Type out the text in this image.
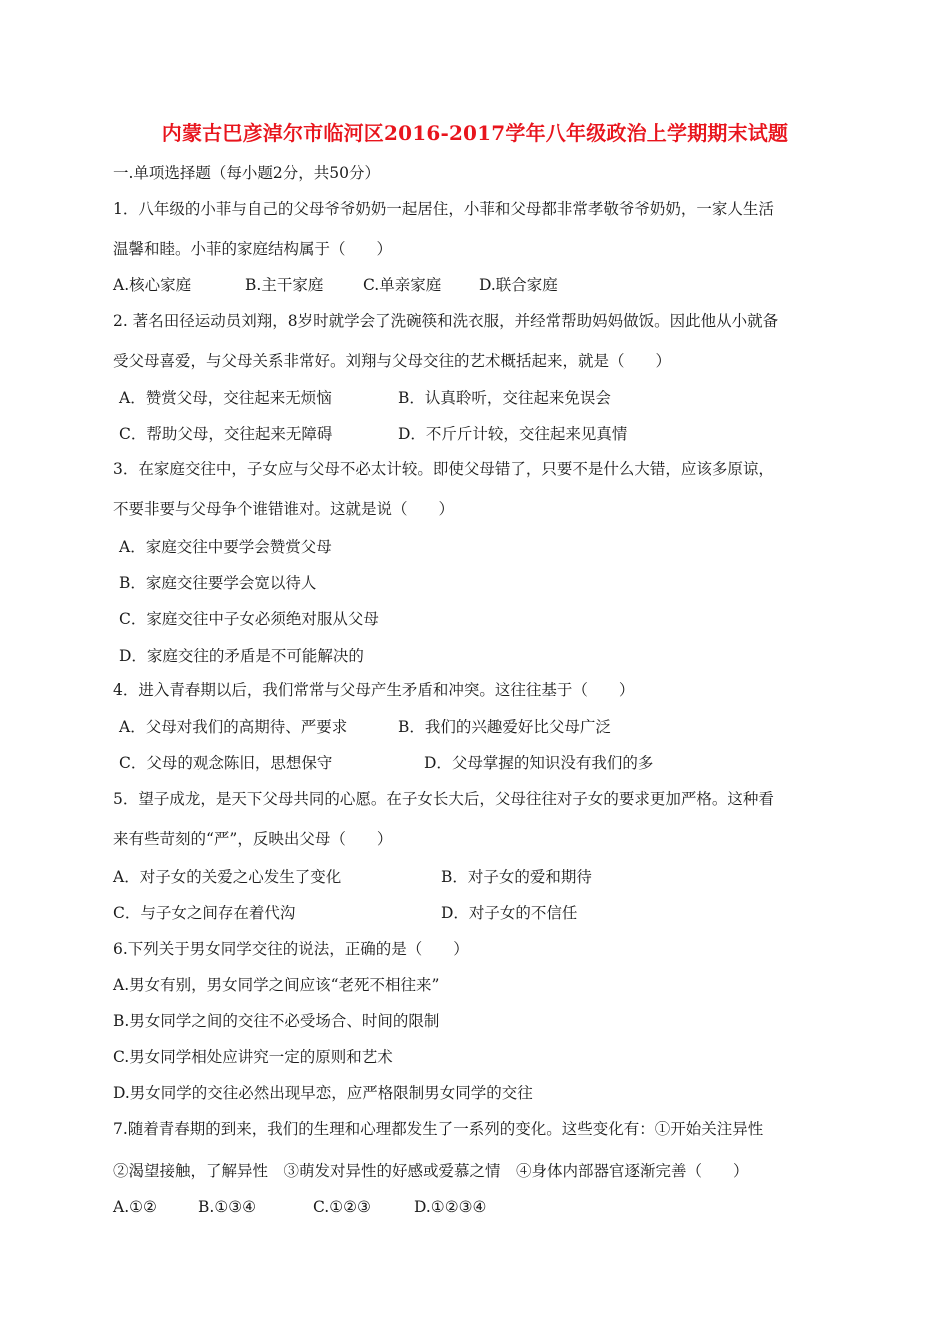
内蒙古巴彦淖尔市临河区2016-2017学年八年级政治上学期期末试题
一.单项选择题（每小题2分，共50分）
1．八年级的小菲与自己的父母爷爷奶奶一起居住，小菲和父母都非常孝敬爷爷奶奶，一家人生活
温馨和睦。小菲的家庭结构属于（　　）
A.核心家庭	B.主干家庭	C.单亲家庭 D.联合家庭
2. 著名田径运动员刘翔，8岁时就学会了洗碗筷和洗衣服，并经常帮助妈妈做饭。因此他从小就备
受父母喜爱，与父母关系非常好。刘翔与父母交往的艺术概括起来，就是（　　）
A．赞赏父母，交往起来无烦恼	B．认真聆听，交往起来免误会
C．帮助父母，交往起来无障碍	D．不斤斤计较，交往起来见真情
3．在家庭交往中，子女应与父母不必太计较。即使父母错了，只要不是什么大错，应该多原谅，
不要非要与父母争个谁错谁对。这就是说（　　）
A．家庭交往中要学会赞赏父母
B．家庭交往要学会宽以待人
C．家庭交往中子女必须绝对服从父母
D．家庭交往的矛盾是不可能解决的
4．进入青春期以后，我们常常与父母产生矛盾和冲突。这往往基于（　　）
A．父母对我们的高期待、严要求	B．我们的兴趣爱好比父母广泛
C．父母的观念陈旧，思想保守	D．父母掌握的知识没有我们的多
5．望子成龙，是天下父母共同的心愿。在子女长大后，父母往往对子女的要求更加严格。这种看
来有些苛刻的“严”，反映出父母（　　）
A．对子女的关爱之心发生了变化	B．对子女的爱和期待
C．与子女之间存在着代沟	D．对子女的不信任
6.下列关于男女同学交往的说法，正确的是（　　）
A.男女有别，男女同学之间应该“老死不相往来”
B.男女同学之间的交往不必受场合、时间的限制
C.男女同学相处应讲究一定的原则和艺术
D.男女同学的交往必然出现早恋，应严格限制男女同学的交往
7.随着青春期的到来，我们的生理和心理都发生了一系列的变化。这些变化有：①开始关注异性
②渴望接触，了解异性　③萌发对异性的好感或爱慕之情　④身体内部器官逐渐完善（　　）
A.①②	B.①③④	C.①②③	D.①②③④
